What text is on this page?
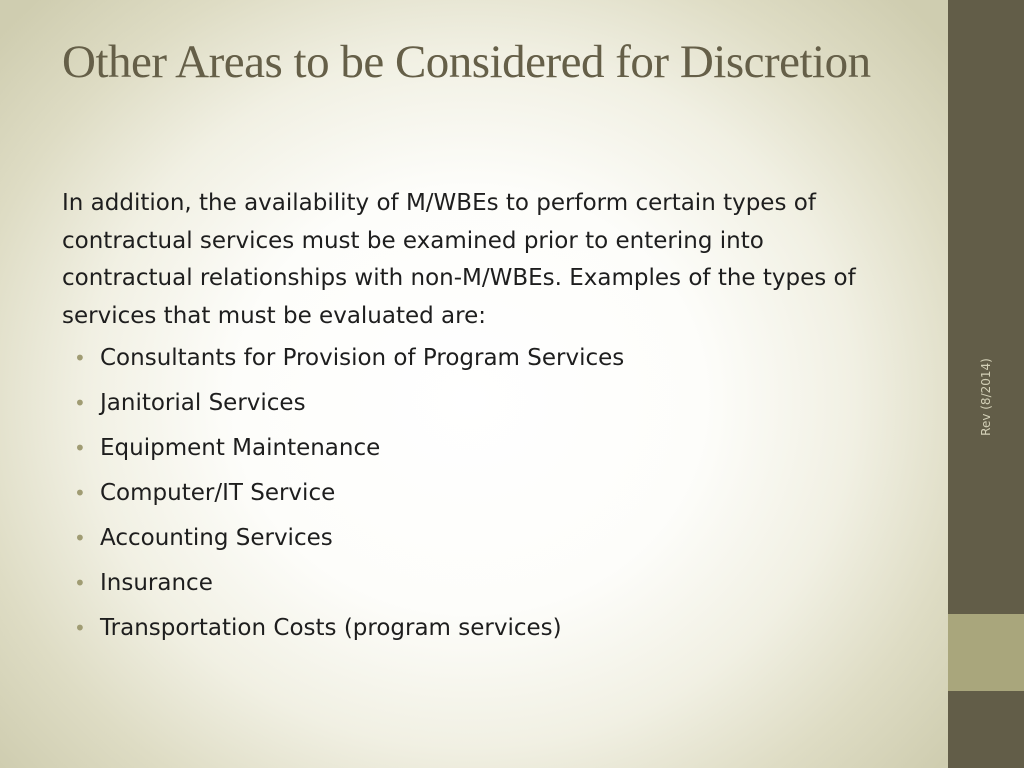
Rev (8/2014)
Other Areas to be Considered for Discretion

In addition, the availability of M/WBEs to perform certain types of contractual services must be examined prior to entering into contractual relationships with non-M/WBEs. Examples of the types of services that must be evaluated are:

• Consultants for Provision of Program Services
• Janitorial Services
• Equipment Maintenance
• Computer/IT Service
• Accounting Services
• Insurance
• Transportation Costs (program services)
